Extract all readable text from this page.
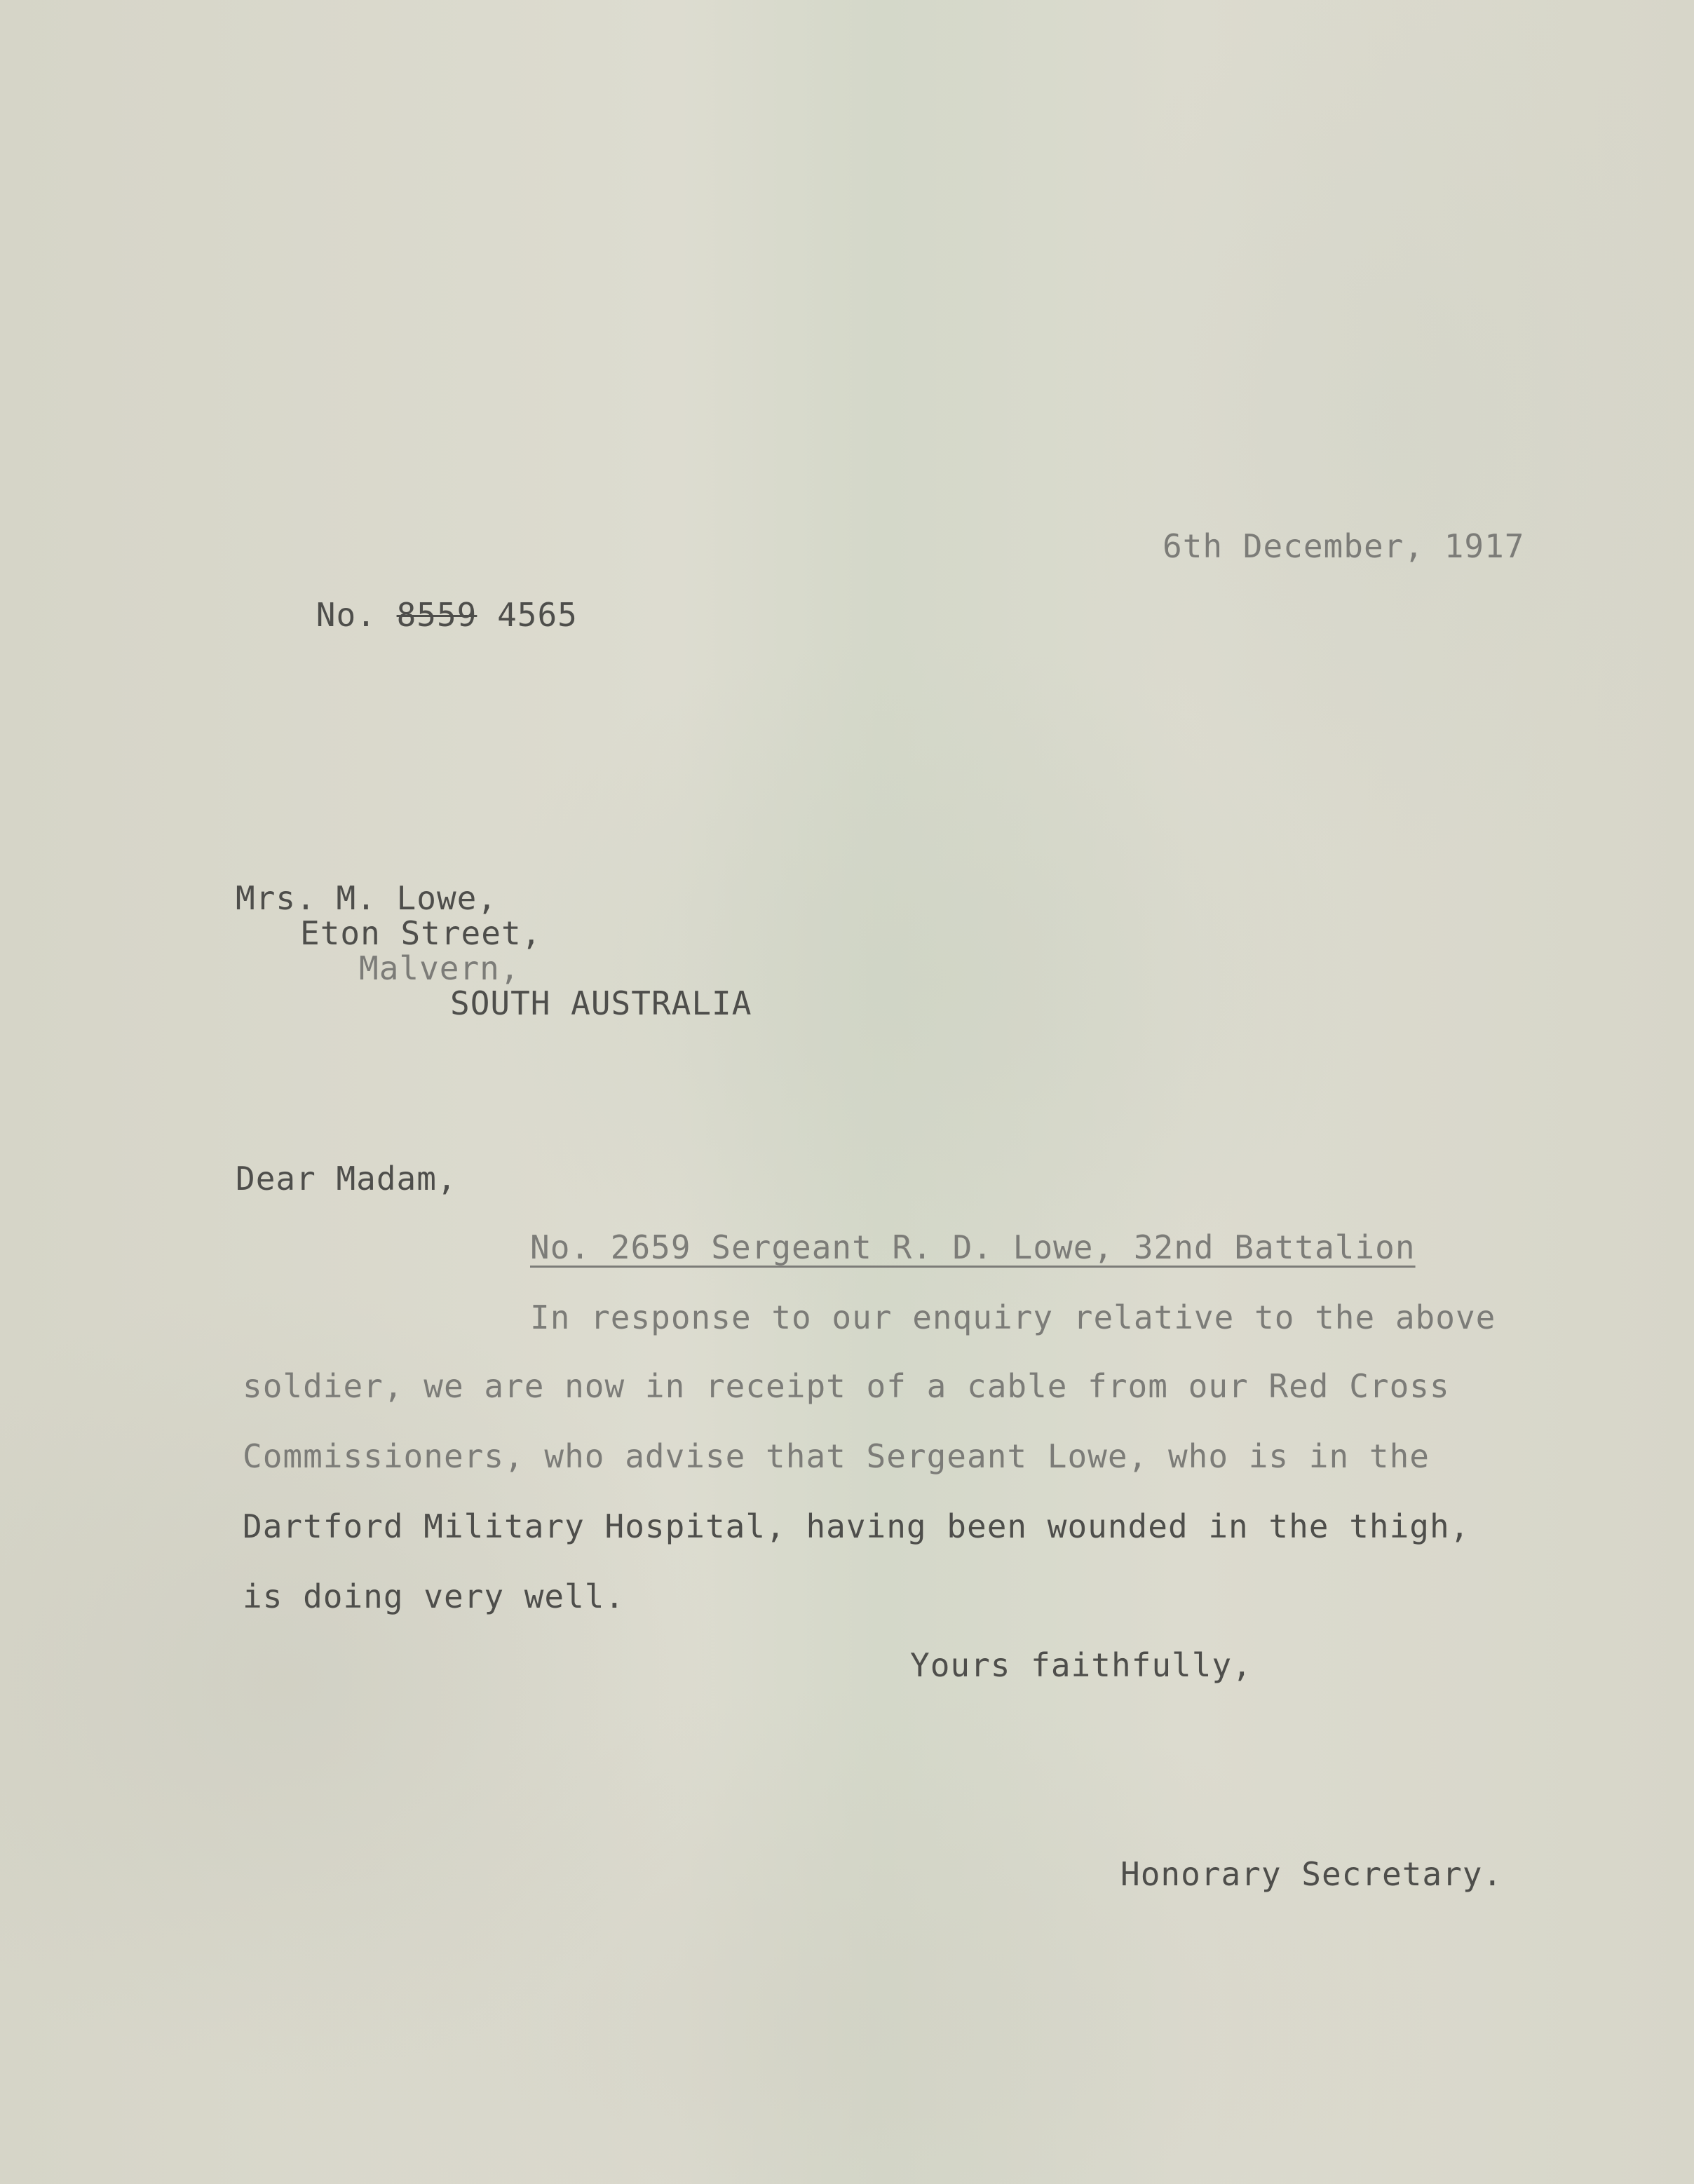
6th December, 1917

No. 8559 4565

Mrs. M. Lowe,
Eton Street,
Malvern,
SOUTH AUSTRALIA
Dear Madam,
No. 2659 Sergeant R. D. Lowe, 32nd Battalion
In response to our enquiry relative to the above
soldier, we are now in receipt of a cable from our Red Cross
Commissioners, who advise that Sergeant Lowe, who is in the
Dartford Military Hospital, having been wounded in the thigh,
is doing very well.
Yours faithfully,
Honorary Secretary.
